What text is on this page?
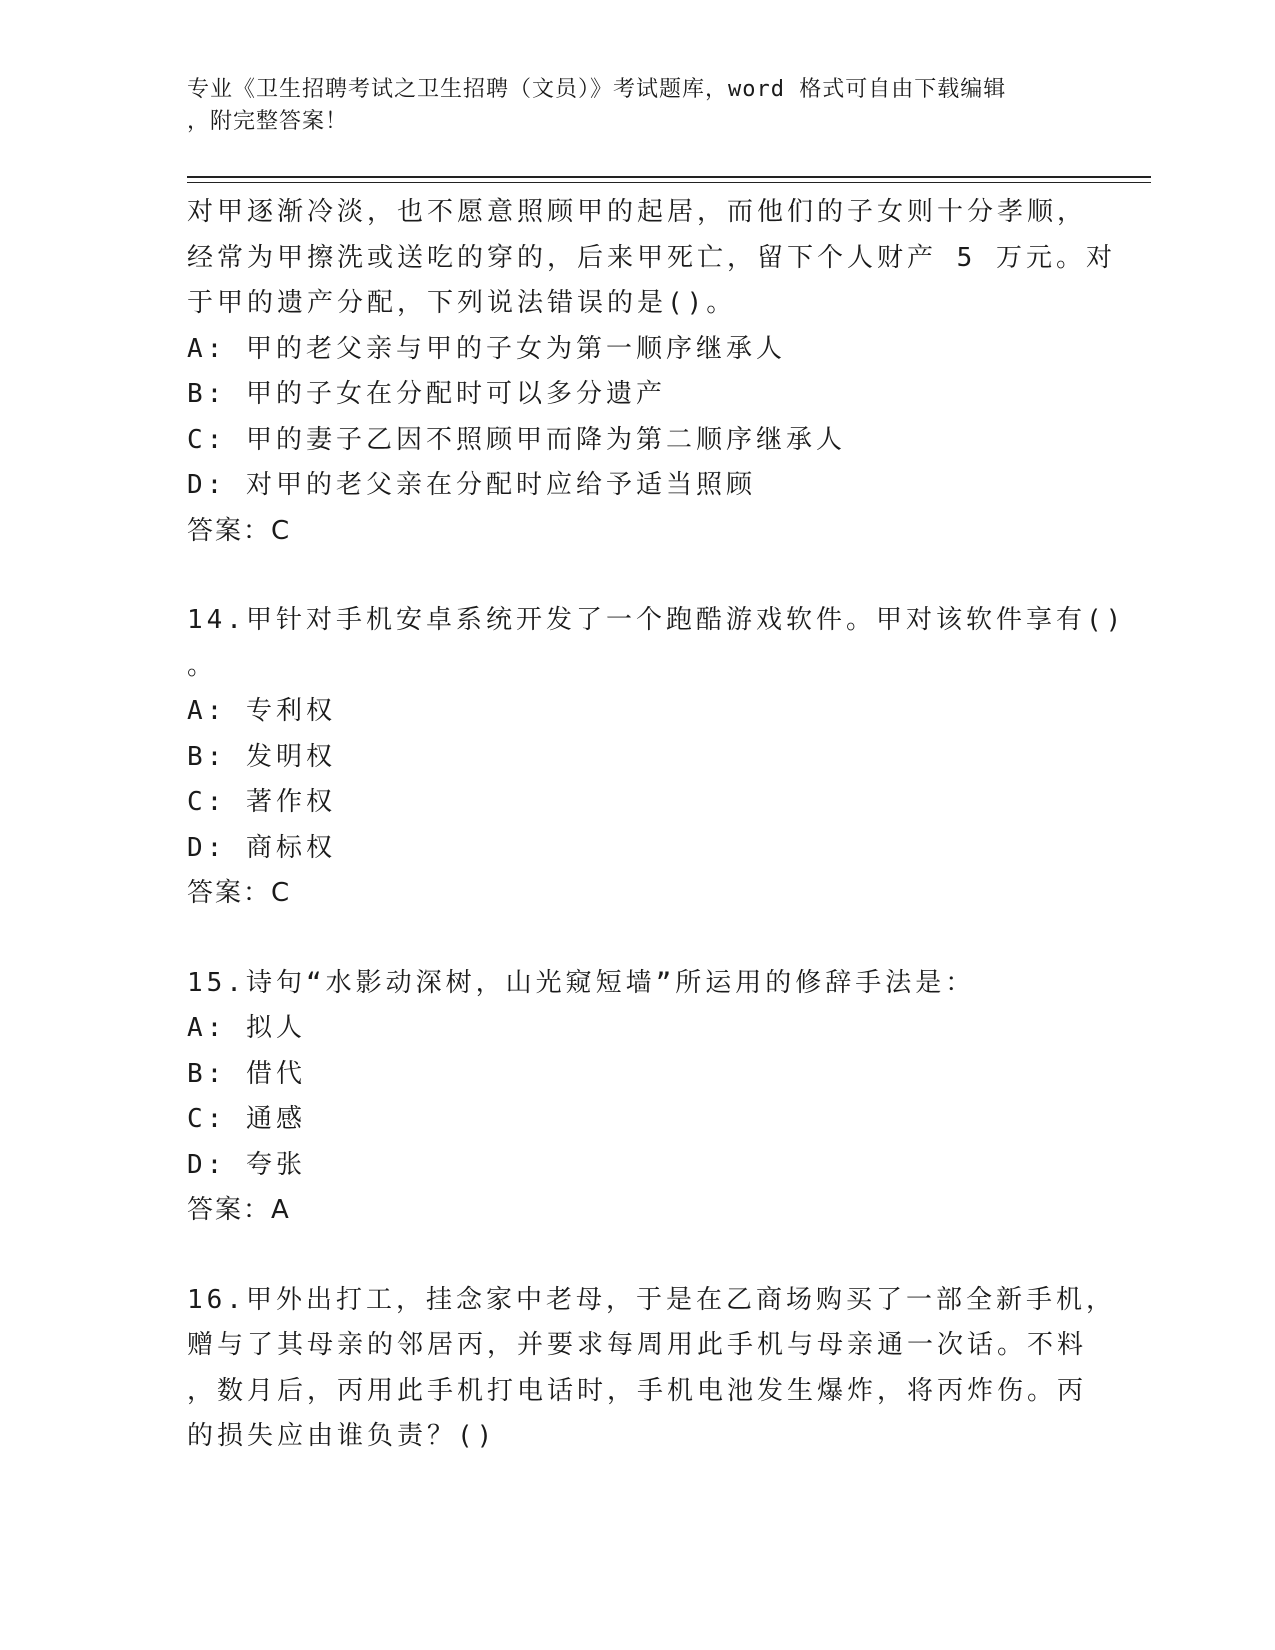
专业《卫生招聘考试之卫生招聘（文员）》考试题库，word 格式可自由下载编辑
，附完整答案！
对甲逐渐冷淡，也不愿意照顾甲的起居，而他们的子女则十分孝顺，
经常为甲擦洗或送吃的穿的，后来甲死亡，留下个人财产 5 万元。对
于甲的遗产分配，下列说法错误的是()。
A: 甲的老父亲与甲的子女为第一顺序继承人
B: 甲的子女在分配时可以多分遗产
C: 甲的妻子乙因不照顾甲而降为第二顺序继承人
D: 对甲的老父亲在分配时应给予适当照顾
答案：C
14.甲针对手机安卓系统开发了一个跑酷游戏软件。甲对该软件享有()
。
A: 专利权
B: 发明权
C: 著作权
D: 商标权
答案：C
15.诗句“水影动深树，山光窥短墙”所运用的修辞手法是：
A: 拟人
B: 借代
C: 通感
D: 夸张
答案：A
16.甲外出打工，挂念家中老母，于是在乙商场购买了一部全新手机，
赠与了其母亲的邻居丙，并要求每周用此手机与母亲通一次话。不料
，数月后，丙用此手机打电话时，手机电池发生爆炸，将丙炸伤。丙
的损失应由谁负责？()
